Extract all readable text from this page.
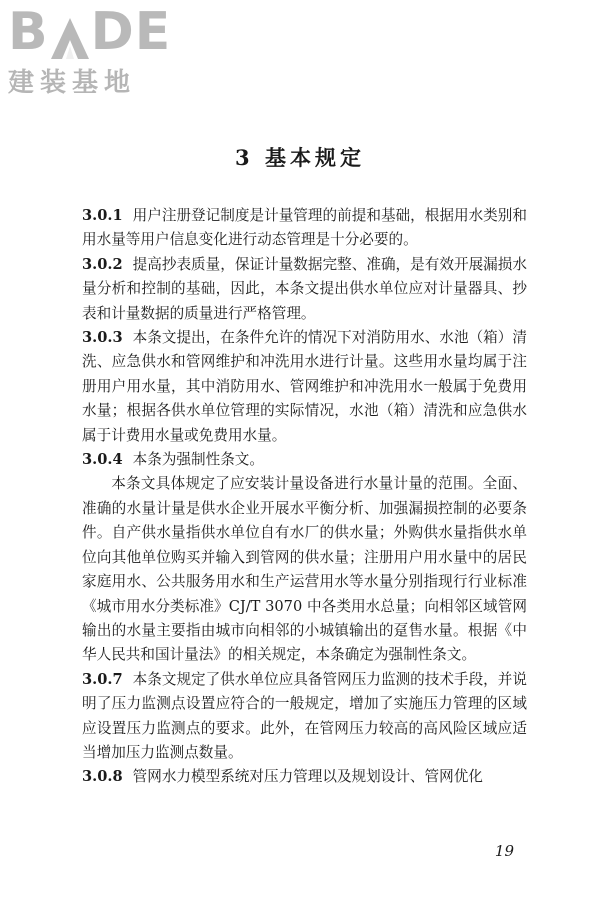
B DE
建装基地
3 基本规定

3.0.1 用户注册登记制度是计量管理的前提和基础，根据用水类别和用水量等用户信息变化进行动态管理是十分必要的。

3.0.2 提高抄表质量，保证计量数据完整、准确，是有效开展漏损水量分析和控制的基础，因此，本条文提出供水单位应对计量器具、抄表和计量数据的质量进行严格管理。

3.0.3 本条文提出，在条件允许的情况下对消防用水、水池（箱）清洗、应急供水和管网维护和冲洗用水进行计量。这些用水量均属于注册用户用水量，其中消防用水、管网维护和冲洗用水一般属于免费用水量；根据各供水单位管理的实际情况，水池（箱）清洗和应急供水属于计费用水量或免费用水量。

3.0.4 本条为强制性条文。

本条文具体规定了应安装计量设备进行水量计量的范围。全面、准确的水量计量是供水企业开展水平衡分析、加强漏损控制的必要条件。自产供水量指供水单位自有水厂的供水量；外购供水量指供水单位向其他单位购买并输入到管网的供水量；注册用户用水量中的居民家庭用水、公共服务用水和生产运营用水等水量分别指现行行业标准《城市用水分类标准》CJ/T 3070 中各类用水总量；向相邻区域管网输出的水量主要指由城市向相邻的小城镇输出的趸售水量。根据《中华人民共和国计量法》的相关规定，本条确定为强制性条文。

3.0.7 本条文规定了供水单位应具备管网压力监测的技术手段，并说明了压力监测点设置应符合的一般规定，增加了实施压力管理的区域应设置压力监测点的要求。此外，在管网压力较高的高风险区域应适当增加压力监测点数量。

3.0.8 管网水力模型系统对压力管理以及规划设计、管网优化

19
